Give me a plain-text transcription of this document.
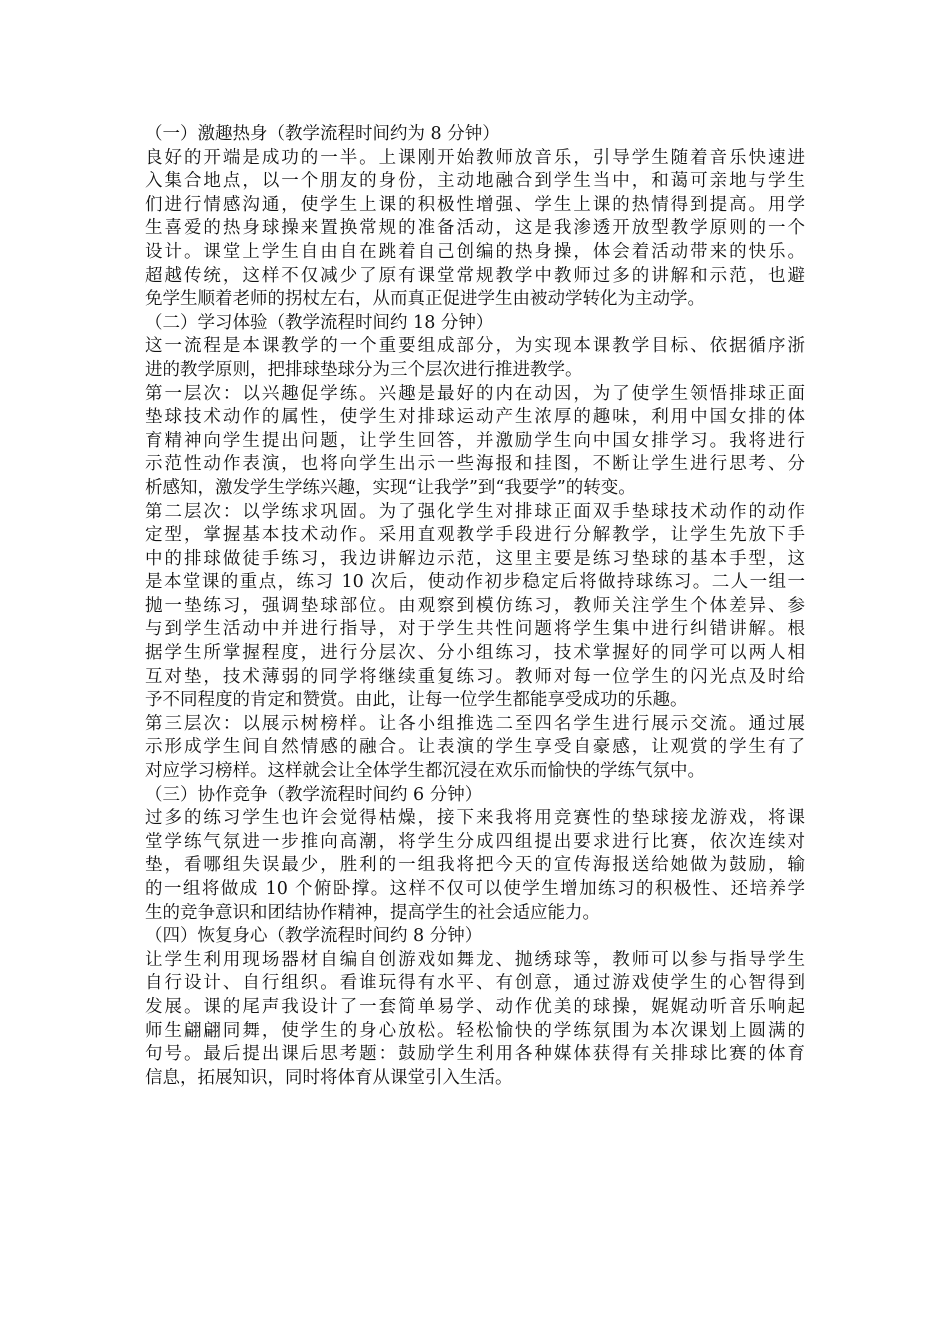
（一）激趣热身（教学流程时间约为 8 分钟）
良好的开端是成功的一半。上课刚开始教师放音乐，引导学生随着音乐快速进
入集合地点，以一个朋友的身份，主动地融合到学生当中，和蔼可亲地与学生
们进行情感沟通，使学生上课的积极性增强、学生上课的热情得到提高。用学
生喜爱的热身球操来置换常规的准备活动，这是我渗透开放型教学原则的一个
设计。课堂上学生自由自在跳着自己创编的热身操，体会着活动带来的快乐。
超越传统，这样不仅减少了原有课堂常规教学中教师过多的讲解和示范，也避
免学生顺着老师的拐杖左右，从而真正促进学生由被动学转化为主动学。
（二）学习体验（教学流程时间约 18 分钟）
这一流程是本课教学的一个重要组成部分，为实现本课教学目标、依据循序浙
进的教学原则，把排球垫球分为三个层次进行推进教学。
第一层次：以兴趣促学练。兴趣是最好的内在动因，为了使学生领悟排球正面
垫球技术动作的属性，使学生对排球运动产生浓厚的趣味，利用中国女排的体
育精神向学生提出问题，让学生回答，并激励学生向中国女排学习。我将进行
示范性动作表演，也将向学生出示一些海报和挂图，不断让学生进行思考、分
析感知，激发学生学练兴趣，实现“让我学”到“我要学”的转变。
第二层次：以学练求巩固。为了强化学生对排球正面双手垫球技术动作的动作
定型，掌握基本技术动作。采用直观教学手段进行分解教学，让学生先放下手
中的排球做徒手练习，我边讲解边示范，这里主要是练习垫球的基本手型，这
是本堂课的重点，练习 10 次后，使动作初步稳定后将做持球练习。二人一组一
抛一垫练习，强调垫球部位。由观察到模仿练习，教师关注学生个体差异、参
与到学生活动中并进行指导，对于学生共性问题将学生集中进行纠错讲解。根
据学生所掌握程度，进行分层次、分小组练习，技术掌握好的同学可以两人相
互对垫，技术薄弱的同学将继续重复练习。教师对每一位学生的闪光点及时给
予不同程度的肯定和赞赏。由此，让每一位学生都能享受成功的乐趣。
第三层次：以展示树榜样。让各小组推选二至四名学生进行展示交流。通过展
示形成学生间自然情感的融合。让表演的学生享受自豪感，让观赏的学生有了
对应学习榜样。这样就会让全体学生都沉浸在欢乐而愉快的学练气氛中。
（三）协作竞争（教学流程时间约 6 分钟）
过多的练习学生也许会觉得枯燥，接下来我将用竞赛性的垫球接龙游戏，将课
堂学练气氛进一步推向高潮，将学生分成四组提出要求进行比赛，依次连续对
垫，看哪组失误最少，胜利的一组我将把今天的宣传海报送给她做为鼓励，输
的一组将做成 10 个俯卧撑。这样不仅可以使学生增加练习的积极性、还培养学
生的竞争意识和团结协作精神，提高学生的社会适应能力。
（四）恢复身心（教学流程时间约 8 分钟）
让学生利用现场器材自编自创游戏如舞龙、抛绣球等，教师可以参与指导学生
自行设计、自行组织。看谁玩得有水平、有创意，通过游戏使学生的心智得到
发展。课的尾声我设计了一套简单易学、动作优美的球操，娓娓动听音乐响起
师生翩翩同舞，使学生的身心放松。轻松愉快的学练氛围为本次课划上圆满的
句号。最后提出课后思考题：鼓励学生利用各种媒体获得有关排球比赛的体育
信息，拓展知识，同时将体育从课堂引入生活。
